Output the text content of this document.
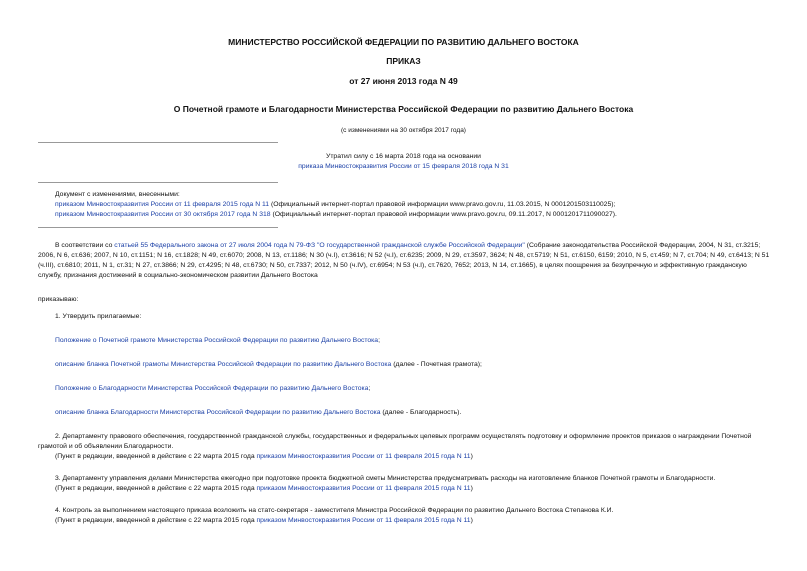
МИНИСТЕРСТВО РОССИЙСКОЙ ФЕДЕРАЦИИ ПО РАЗВИТИЮ ДАЛЬНЕГО ВОСТОКА
ПРИКАЗ
от 27 июня 2013 года N 49
О Почетной грамоте и Благодарности Министерства Российской Федерации по развитию Дальнего Востока
(с изменениями на 30 октября 2017 года)
Утратил силу с 16 марта 2018 года на основании
приказа Минвостокразвития России от 15 февраля 2018 года N 31
Документ с изменениями, внесенными:
приказом Минвостокразвития России от 11 февраля 2015 года N 11 (Официальный интернет-портал правовой информации www.pravo.gov.ru, 11.03.2015, N 0001201503110025);
приказом Минвостокразвития России от 30 октября 2017 года N 318 (Официальный интернет-портал правовой информации www.pravo.gov.ru, 09.11.2017, N 0001201711090027).

В соответствии со статьей 55 Федерального закона от 27 июля 2004 года N 79-ФЗ "О государственной гражданской службе Российской Федерации" (Собрание законодательства Российской Федерации, 2004, N 31, ст.3215; 2006, N 6, ст.636; 2007, N 10, ст.1151; N 16, ст.1828; N 49, ст.6070; 2008, N 13, ст.1186; N 30 (ч.I), ст.3616; N 52 (ч.I), ст.6235; 2009, N 29, ст.3597, 3624; N 48, ст.5719; N 51, ст.6150, 6159; 2010, N 5, ст.459; N 7, ст.704; N 49, ст.6413; N 51 (ч.III), ст.6810; 2011, N 1, ст.31; N 27, ст.3866; N 29, ст.4295; N 48, ст.6730; N 50, ст.7337; 2012, N 50 (ч.IV), ст.6954; N 53 (ч.I), ст.7620, 7652; 2013, N 14, ст.1665), в целях поощрения за безупречную и эффективную гражданскую службу, признания достижений в социально-экономическом развитии Дальнего Востока

приказываю:

1. Утвердить прилагаемые:

Положение о Почетной грамоте Министерства Российской Федерации по развитию Дальнего Востока;

описание бланка Почетной грамоты Министерства Российской Федерации по развитию Дальнего Востока (далее - Почетная грамота);

Положение о Благодарности Министерства Российской Федерации по развитию Дальнего Востока;

описание бланка Благодарности Министерства Российской Федерации по развитию Дальнего Востока (далее - Благодарность).

2. Департаменту правового обеспечения, государственной гражданской службы, государственных и федеральных целевых программ осуществлять подготовку и оформление проектов приказов о награждении Почетной грамотой и об объявлении Благодарности.

(Пункт в редакции, введенной в действие с 22 марта 2015 года приказом Минвостокразвития России от 11 февраля 2015 года N 11)

3. Департаменту управления делами Министерства ежегодно при подготовке проекта бюджетной сметы Министерства предусматривать расходы на изготовление бланков Почетной грамоты и Благодарности.

(Пункт в редакции, введенной в действие с 22 марта 2015 года приказом Минвостокразвития России от 11 февраля 2015 года N 11)

4. Контроль за выполнением настоящего приказа возложить на статс-секретаря - заместителя Министра Российской Федерации по развитию Дальнего Востока Степанова К.И.

(Пункт в редакции, введенной в действие с 22 марта 2015 года приказом Минвостокразвития России от 11 февраля 2015 года N 11)
